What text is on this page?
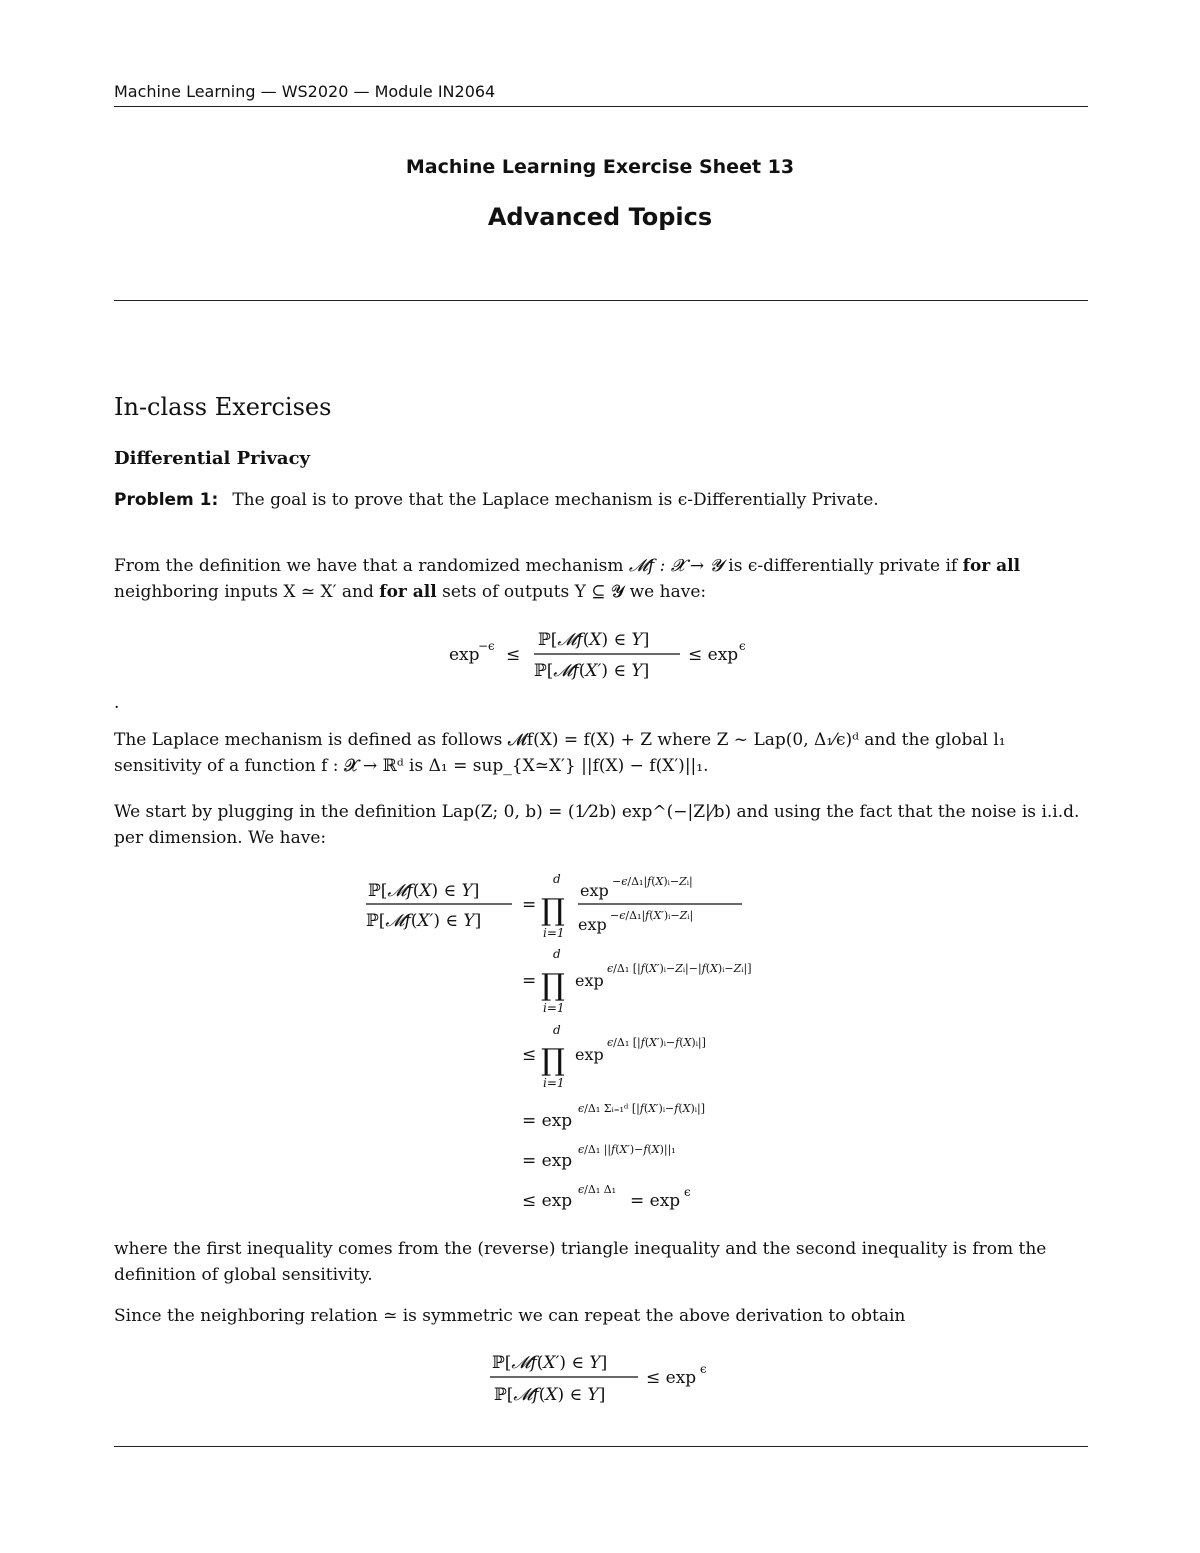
Machine Learning — WS2020 — Module IN2064
Machine Learning Exercise Sheet 13
Advanced Topics
In-class Exercises
Differential Privacy
Problem 1: The goal is to prove that the Laplace mechanism is ϵ-Differentially Private.
From the definition we have that a randomized mechanism 𝓜f : 𝓧 → 𝓨 is ϵ-differentially private if for all neighboring inputs X ≃ X′ and for all sets of outputs Y ⊆ 𝓨 we have:
exp
−ϵ ≤
ℙ[𝓜f(X) ∈ Y]
ℙ[𝓜f(X′) ∈ Y]
≤ exp ϵ
.
The Laplace mechanism is defined as follows 𝓜f(X) = f(X) + Z where Z ~ Lap(0, Δ₁⁄ϵ)ᵈ and the global l₁ sensitivity of a function f : 𝓧 → ℝᵈ is Δ₁ = sup_{X≃X′} ||f(X) − f(X′)||₁.
We start by plugging in the definition Lap(Z; 0, b) = (1⁄2b) exp^(−|Z|⁄b) and using the fact that the noise is i.i.d. per dimension. We have:
ℙ[𝓜f(X) ∈ Y]
ℙ[𝓜f(X′) ∈ Y]
=
d
∏
i=1
exp −ϵ/Δ₁|f(X)ᵢ−Zᵢ|
exp −ϵ/Δ₁|f(X′)ᵢ−Zᵢ|
=
d
∏
i=1
exp
ϵ/Δ₁ [|f(X′)ᵢ−Zᵢ|−|f(X)ᵢ−Zᵢ|]
≤
d
∏
i=1
exp
ϵ/Δ₁ [|f(X′)ᵢ−f(X)ᵢ|]
= exp
ϵ/Δ₁ Σᵢ₌₁ᵈ [|f(X′)ᵢ−f(X)ᵢ|]
= exp
ϵ/Δ₁ ||f(X′)−f(X)||₁
≤ exp
ϵ/Δ₁ Δ₁
= exp ϵ
where the first inequality comes from the (reverse) triangle inequality and the second inequality is from the definition of global sensitivity.
Since the neighboring relation ≃ is symmetric we can repeat the above derivation to obtain
ℙ[𝓜f(X′) ∈ Y]
ℙ[𝓜f(X) ∈ Y]
≤ exp ϵ
